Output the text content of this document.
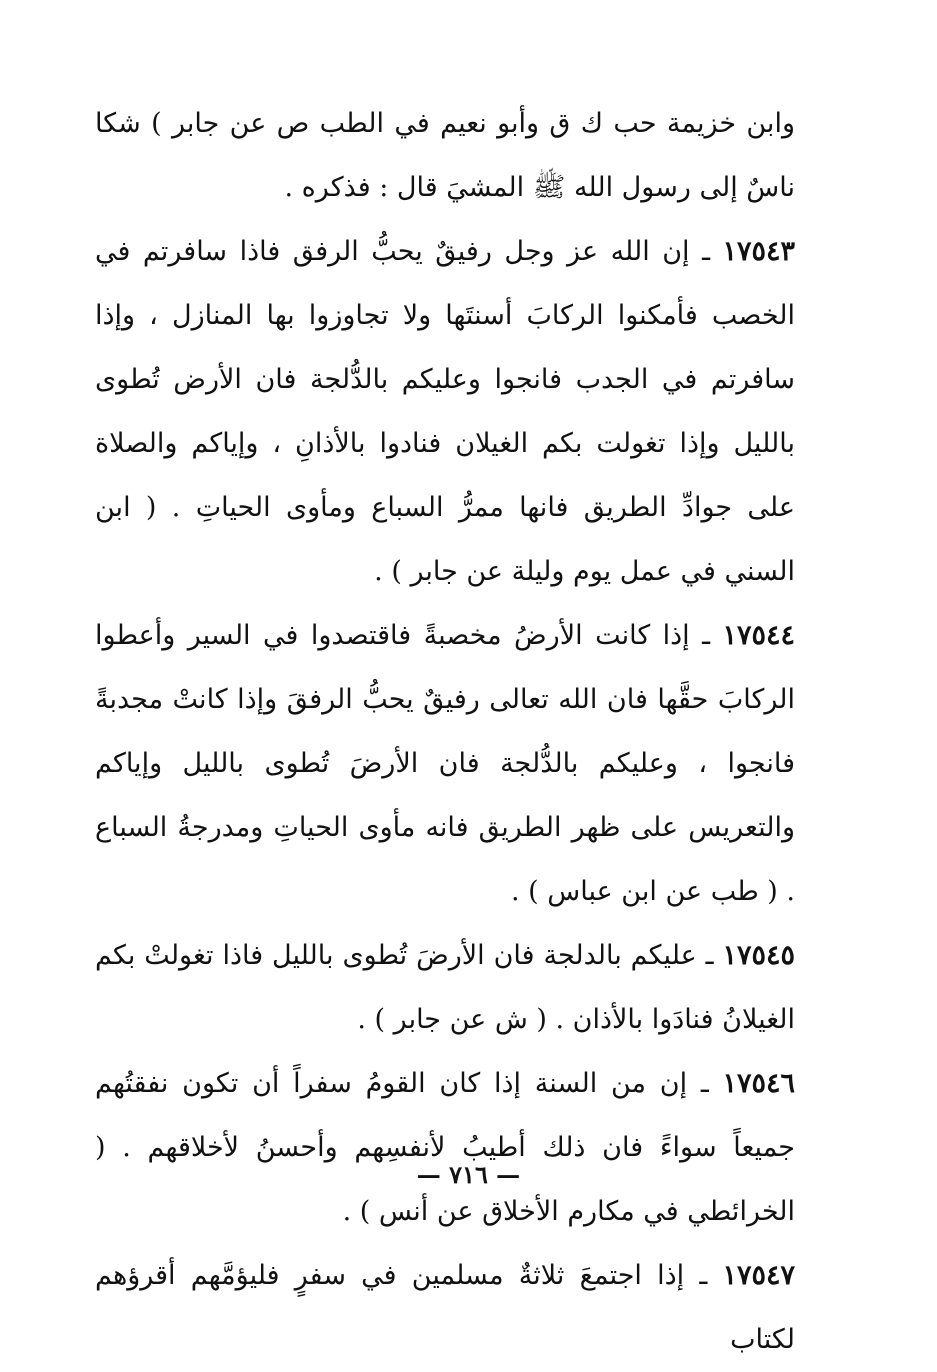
وابن خزيمة حب ك ق وأبو نعيم في الطب ص عن جابر ) شكا ناسٌ إلى رسول الله ﷺ المشيَ قال : فذكره .

١٧٥٤٣ ـ إن الله عز وجل رفيقٌ يحبُّ الرفق فاذا سافرتم في الخصب فأمكنوا الركابَ أسنتَها ولا تجاوزوا بها المنازل ، وإذا سافرتم في الجدب فانجوا وعليكم بالدُّلجة فان الأرض تُطوى بالليل وإذا تغولت بكم الغيلان فنادوا بالأذانِ ، وإياكم والصلاة على جوادِّ الطريق فانها ممرُّ السباع ومأوى الحياتِ . ( ابن السني في عمل يوم وليلة عن جابر ) .

١٧٥٤٤ ـ إذا كانت الأرضُ مخصبةً فاقتصدوا في السير وأعطوا الركابَ حقَّها فان الله تعالى رفيقٌ يحبُّ الرفقَ وإذا كانتْ مجدبةً فانجوا ، وعليكم بالدُّلجة فان الأرضَ تُطوى بالليل وإياكم والتعريس على ظهر الطريق فانه مأوى الحياتِ ومدرجةُ السباع . ( طب عن ابن عباس ) .

١٧٥٤٥ ـ عليكم بالدلجة فان الأرضَ تُطوى بالليل فاذا تغولتْ بكم الغيلانُ فنادَوا بالأذان . ( ش عن جابر ) .

١٧٥٤٦ ـ إن من السنة إذا كان القومُ سفراً أن تكون نفقتُهم جميعاً سواءً فان ذلك أطيبُ لأنفسِهم وأحسنُ لأخلاقهم . ( الخرائطي في مكارم الأخلاق عن أنس ) .

١٧٥٤٧ ـ إذا اجتمعَ ثلاثةٌ مسلمين في سفرٍ فليؤمَّهم أقرؤهم لكتاب

— ٧١٦ —
